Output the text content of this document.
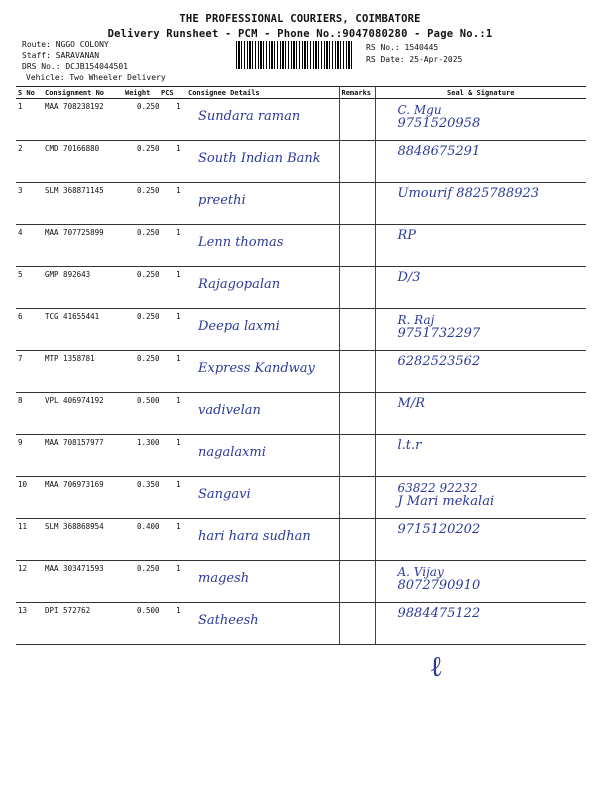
THE PROFESSIONAL COURIERS, COIMBATORE
Delivery Runsheet - PCM - Phone No.:9047080280 - Page No.:1
Route: NGGO COLONY
Staff: SARAVANAN
DRS No.: DCJB154044501
Vehicle: Two Wheeler Delivery
RS No.: 1540445
RS Date: 25-Apr-2025
S No	Consignment No	Weight	PCS	Consignee Details	Remarks	Seal & Signature
1	MAA 708238192	0.250 1		Sundara raman		C. Mgu
9751520958

2	CMD 70166880	0.250 1		South Indian Bank		8848675291

3	SLM 368871145	0.250 1		preethi		Umourif 8825788923

4	MAA 707725899	0.250 1		Lenn thomas		RP

5	GMP 892643	0.250 1		Rajagopalan		D/3

6	TCG 41655441	0.250 1		Deepa laxmi		R. Raj
9751732297

7	MTP 1358781	0.250 1		Express Kandway		6282523562

8	VPL 406974192	0.500 1		vadivelan		M/R

9	MAA 708157977	1.300 1		nagalaxmi		l.t.r

10	MAA 706973169	0.350 1		Sangavi		63822 92232
J Mari mekalai

11	SLM 368868954	0.400 1		hari hara sudhan		9715120202

12	MAA 303471593	0.250 1		magesh		A. Vijay
8072790910

13	DPI 572762	0.500 1		Satheesh		9884475122
ℓ
